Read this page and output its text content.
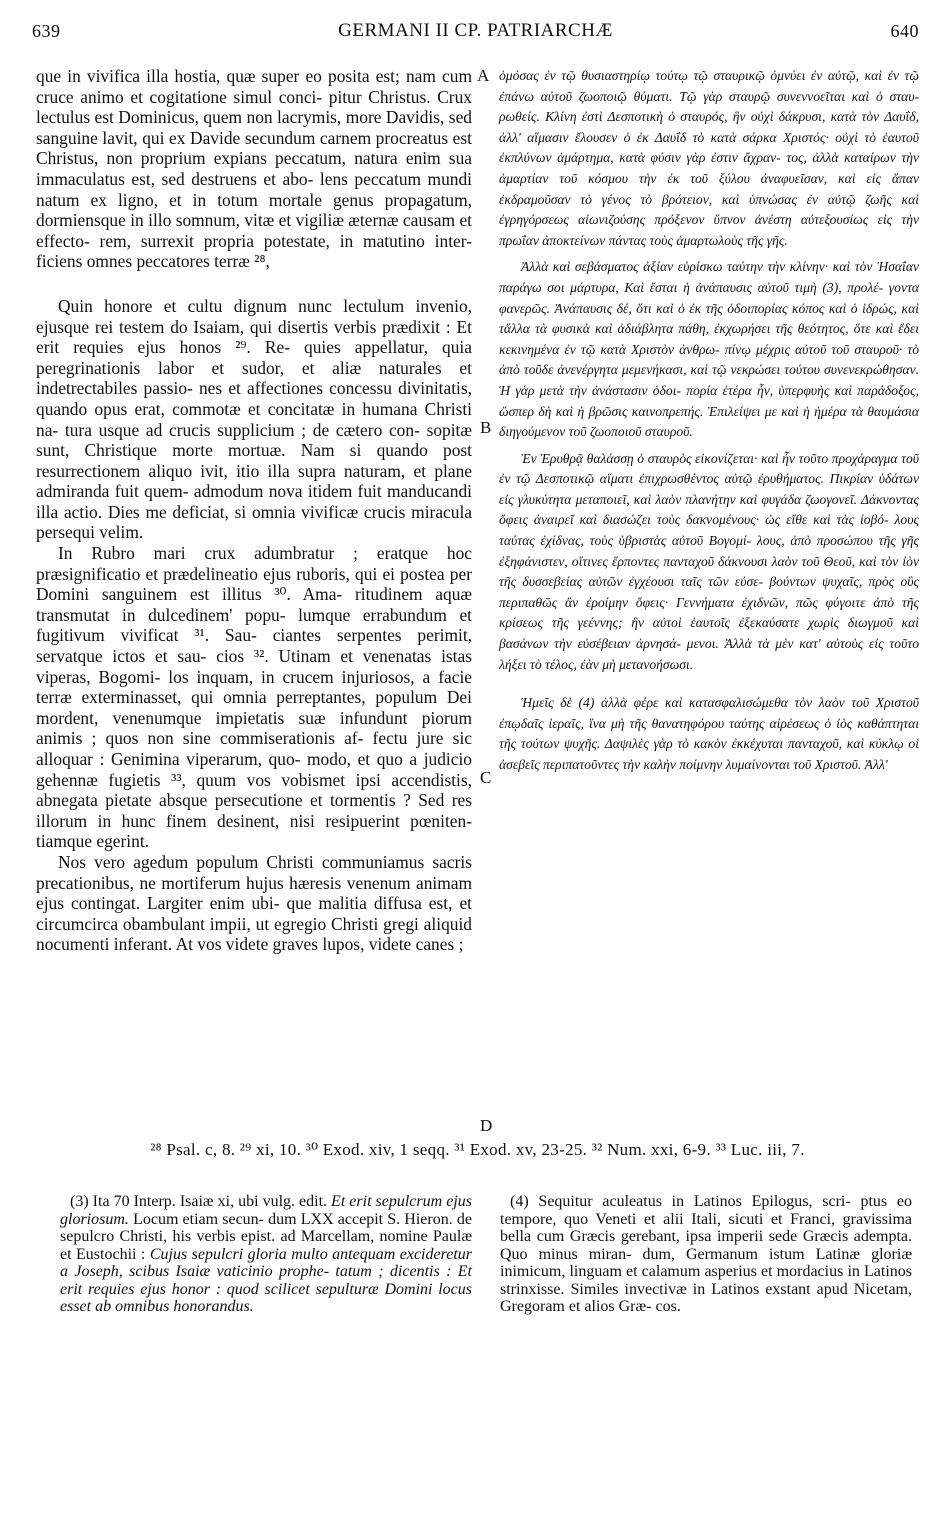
639	GERMANI II CP. PATRIARCHÆ	640

que in vivifica illa hostia, quæ super eo posita est; nam cum cruce animo et cogitatione simul conci- pitur Christus. Crux lectulus est Dominicus, quem non lacrymis, more Davidis, sed sanguine lavit, qui ex Davide secundum carnem procreatus est Christus, non proprium expians peccatum, natura enim sua immaculatus est, sed destruens et abo- lens peccatum mundi natum ex ligno, et in totum mortale genus propagatum, dormiensque in illo somnum, vitæ et vigiliæ æternæ causam et effecto- rem, surrexit propria potestate, in matutino inter- ficiens omnes peccatores terræ ²⁸,

Quin honore et cultu dignum nunc lectulum invenio, ejusque rei testem do Isaiam, qui disertis verbis prædixit : Et erit requies ejus honos ²⁹. Re- quies appellatur, quia peregrinationis labor et sudor, et aliæ naturales et indetrectabiles passio- nes et affectiones concessu divinitatis, quando opus erat, commotæ et concitatæ in humana Christi na- tura usque ad crucis supplicium ; de cætero con- sopitæ sunt, Christique morte mortuæ. Nam si quando post resurrectionem aliquo ivit, itio illa supra naturam, et plane admiranda fuit quem- admodum nova itidem fuit manducandi illa actio. Dies me deficiat, si omnia vivificæ crucis miracula persequi velim.

In Rubro mari crux adumbratur ; eratque hoc præsignificatio et prædelineatio ejus ruboris, qui ei postea per Domini sanguinem est illitus ³⁰. Ama- ritudinem aquæ transmutat in dulcedinem' popu- lumque errabundum et fugitivum vivificat ³¹. Sau- ciantes serpentes perimit, servatque ictos et sau- cios ³². Utinam et venenatas istas viperas, Bogomi- los inquam, in crucem injuriosos, a facie terræ exterminasset, qui omnia perreptantes, populum Dei mordent, venenumque impietatis suæ infundunt piorum animis ; quos non sine commiserationis af- fectu jure sic alloquar : Genimina viperarum, quo- modo, et quo a judicio gehennæ fugietis ³³, quum vos vobismet ipsi accendistis, abnegata pietate absque persecutione et tormentis ? Sed res illorum in hunc finem desinent, nisi resipuerint pœniten- tiamque egerint.

Nos vero agedum populum Christi communiamus sacris precationibus, ne mortiferum hujus hæresis venenum animam ejus contingat. Largiter enim ubi- que malitia diffusa est, et circumcirca obambulant impii, ut egregio Christi gregi aliquid nocumenti inferant. At vos videte graves lupos, videte canes ;

A
B
C
D

ὁμόσας ἐν τῷ θυσιαστηρίῳ τούτῳ τῷ σταυρικῷ ὀμνύει ἐν αὐτῷ, καὶ ἐν τῷ ἐπάνω αὐτοῦ ζωοποιῷ θύματι. Τῷ γὰρ σταυρῷ συνεννοεῖται καὶ ὁ σταυ- ρωθείς. Κλίνη ἐστὶ Δεσποτικὴ ὁ σταυρός, ἣν οὐχὶ δάκρυσι, κατὰ τὸν Δαυΐδ, ἀλλ' αἵμασιν ἔλουσεν ὁ ἐκ Δαυΐδ τὸ κατὰ σάρκα Χριστός· οὐχὶ τὸ ἑαυτοῦ ἐκπλύνων ἁμάρτημα, κατὰ φύσιν γὰρ ἐστιν ἄχραν- τος, ἀλλὰ καταίρων τὴν ἁμαρτίαν τοῦ κόσμου τὴν ἐκ τοῦ ξύλου ἀναφυεῖσαν, καὶ εἰς ἅπαν ἐκδραμοῦσαν τὸ γένος τὸ βρότειον, καὶ ὑπνώσας ἐν αὐτῷ ζωῆς καὶ ἐγρηγόρσεως αἰωνιζούσης πρόξενον ὕπνον ἀνέστη αὐτεξουσίως εἰς τὴν πρωΐαν ἀποκτείνων πάντας τοὺς ἁμαρτωλοὺς τῆς γῆς.

Ἀλλὰ καὶ σεβάσματος ἀξίαν εὑρίσκω ταύτην τὴν κλίνην· καὶ τὸν Ἡσαΐαν παράγω σοι μάρτυρα, Καὶ ἔσται ἡ ἀνάπαυσις αὐτοῦ τιμὴ (3), προλέ- γοντα φανερῶς. Ἀνάπαυσις δέ, ὅτι καὶ ὁ ἐκ τῆς ὁδοιπορίας κόπος καὶ ὁ ἱδρώς, καὶ τἄλλα τὰ φυσικὰ καὶ ἀδιάβλητα πάθη, ἐκχωρήσει τῆς θεότητος, ὅτε καὶ ἔδει κεκινημένα ἐν τῷ κατὰ Χριστὸν ἀνθρω- πίνῳ μέχρις αὐτοῦ τοῦ σταυροῦ· τὸ ἀπὸ τοῦδε ἀνενέργητα μεμενήκασι, καὶ τῷ νεκρώσει τούτου συνενεκρώθησαν. Ἡ γὰρ μετὰ τὴν ἀνάστασιν ὁδοι- πορία ἑτέρα ἦν, ὑπερφυὴς καὶ παράδοξος, ὥσπερ δὴ καὶ ἡ βρῶσις καινοπρεπής. Ἐπιλείψει με καὶ ἡ ἡμέρα τὰ θαυμάσια διηγούμενον τοῦ ζωοποιοῦ σταυροῦ.

Ἐν Ἐρυθρᾷ θαλάσσῃ ὁ σταυρὸς εἰκονίζεται· καὶ ἦν τοῦτο προχάραγμα τοῦ ἐν τῷ Δεσποτικῷ αἵματι ἐπιχρωσθέντος αὐτῷ ἐρυθήματος. Πικρίαν ὑδάτων εἰς γλυκύτητα μεταποιεῖ, καὶ λαὸν πλανήτην καὶ φυγάδα ζωογονεῖ. Δάκνοντας ὄφεις ἀναιρεῖ καὶ διασώζει τοὺς δακνομένους· ὡς εἴθε καὶ τὰς ἰοβό- λους ταύτας ἐχίδνας, τοὺς ὑβριστὰς αὐτοῦ Βογομί- λους, ἀπὸ προσώπου τῆς γῆς ἐξηφάνιστεν, οἵτινες ἕρποντες πανταχοῦ δάκνουσι λαὸν τοῦ Θεοῦ, καὶ τὸν ἰὸν τῆς δυσσεβείας αὐτῶν ἐγχέουσι ταῖς τῶν εὐσε- βούντων ψυχαῖς, πρὸς οὓς περιπαθῶς ἂν ἐροίμην ὄφεις· Γεννήματα ἐχιδνῶν, πῶς φύγοιτε ἀπὸ τῆς κρίσεως τῆς γεέννης; ἣν αὐτοὶ ἑαυτοῖς ἐξεκαύσατε χωρὶς διωγμοῦ καὶ βασάνων τὴν εὐσέβειαν ἀρνησά- μενοι. Ἀλλὰ τὰ μὲν κατ' αὐτοὺς εἰς τοῦτο λήξει τὸ τέλος, ἐὰν μὴ μετανοήσωσι.

Ἡμεῖς δὲ (4) ἀλλὰ φέρε καὶ κατασφαλισώμεθα τὸν λαὸν τοῦ Χριστοῦ ἐπῳδαῖς ἱεραῖς, ἵνα μὴ τῆς θανατηφόρου ταύτης αἱρέσεως ὁ ἰὸς καθάπτηται τῆς τούτων ψυχῆς. Δαψιλὲς γὰρ τὸ κακὸν ἐκκέχυται πανταχοῦ, καὶ κύκλῳ οἱ ἀσεβεῖς περιπατοῦντες τὴν καλὴν ποίμνην λυμαίνονται τοῦ Χριστοῦ. Ἀλλ'

²⁸ Psal. c, 8. ²⁹ xi, 10. ³⁰ Exod. xiv, 1 seqq. ³¹ Exod. xv, 23-25. ³² Num. xxi, 6-9. ³³ Luc. iii, 7.

(3) Ita 70 Interp. Isaiæ xi, ubi vulg. edit. Et erit sepulcrum ejus gloriosum. Locum etiam secun- dum LXX accepit S. Hieron. de sepulcro Christi, his verbis epist. ad Marcellam, nomine Paulæ et Eustochii : Cujus sepulcri gloria multo antequam excideretur a Joseph, scibus Isaiæ vaticinio prophe- tatum ; dicentis : Et erit requies ejus honor : quod scilicet sepulturæ Domini locus esset ab omnibus honorandus.

(4) Sequitur aculeatus in Latinos Epilogus, scri- ptus eo tempore, quo Veneti et alii Itali, sicuti et Franci, gravissima bella cum Græcis gerebant, ipsa imperii sede Græcis adempta. Quo minus miran- dum, Germanum istum Latinæ gloriæ inimicum, linguam et calamum asperius et mordacius in Latinos strinxisse. Similes invectivæ in Latinos exstant apud Nicetam, Gregoram et alios Græ- cos.
